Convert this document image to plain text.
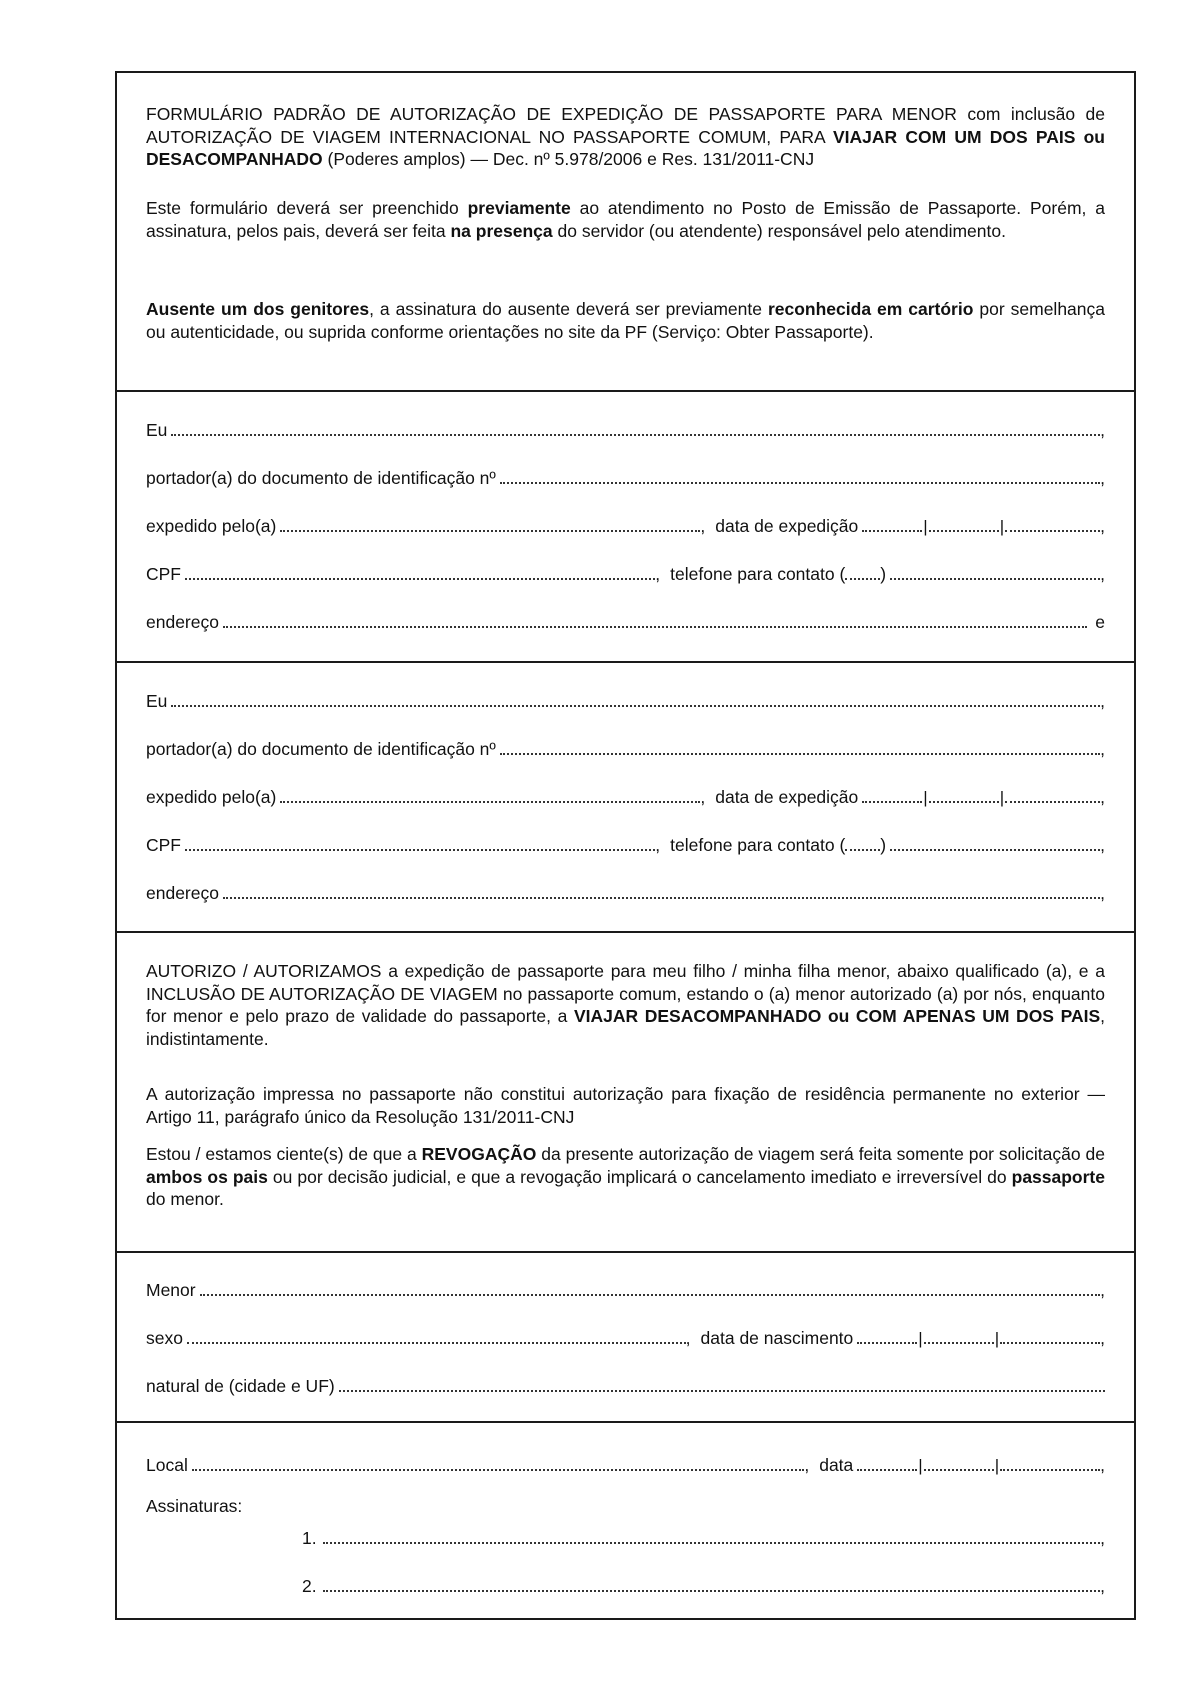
FORMULÁRIO PADRÃO DE AUTORIZAÇÃO DE EXPEDIÇÃO DE PASSAPORTE PARA MENOR com inclusão de AUTORIZAÇÃO DE VIAGEM INTERNACIONAL NO PASSAPORTE COMUM, PARA VIAJAR COM UM DOS PAIS ou DESACOMPANHADO (Poderes amplos) — Dec. nº 5.978/2006 e Res. 131/2011-CNJ

Este formulário deverá ser preenchido previamente ao atendimento no Posto de Emissão de Passaporte. Porém, a assinatura, pelos pais, deverá ser feita na presença do servidor (ou atendente) responsável pelo atendimento.

Ausente um dos genitores, a assinatura do ausente deverá ser previamente reconhecida em cartório por semelhança ou autenticidade, ou suprida conforme orientações no site da PF (Serviço: Obter Passaporte).

Eu	,
portador(a) do documento de identificação nº	,
expedido pelo(a)	, data de expedição	|	|	,
CPF	, telefone para contato ( )	,
endereço	e
Eu	,
portador(a) do documento de identificação nº	,
expedido pelo(a)	, data de expedição	|	|	,
CPF	, telefone para contato ( )	,
endereço	,

AUTORIZO / AUTORIZAMOS a expedição de passaporte para meu filho / minha filha menor, abaixo qualificado (a), e a INCLUSÃO DE AUTORIZAÇÃO DE VIAGEM no passaporte comum, estando o (a) menor autorizado (a) por nós, enquanto for menor e pelo prazo de validade do passaporte, a VIAJAR DESACOMPANHADO ou COM APENAS UM DOS PAIS, indistintamente.

A autorização impressa no passaporte não constitui autorização para fixação de residência permanente no exterior — Artigo 11, parágrafo único da Resolução 131/2011-CNJ

Estou / estamos ciente(s) de que a REVOGAÇÃO da presente autorização de viagem será feita somente por solicitação de ambos os pais ou por decisão judicial, e que a revogação implicará o cancelamento imediato e irreversível do passaporte do menor.

Menor	,
sexo	, data de nascimento	|	|	,
natural de (cidade e UF)
Local	, data	|	|	,
Assinaturas:
1.	,
2.	,
